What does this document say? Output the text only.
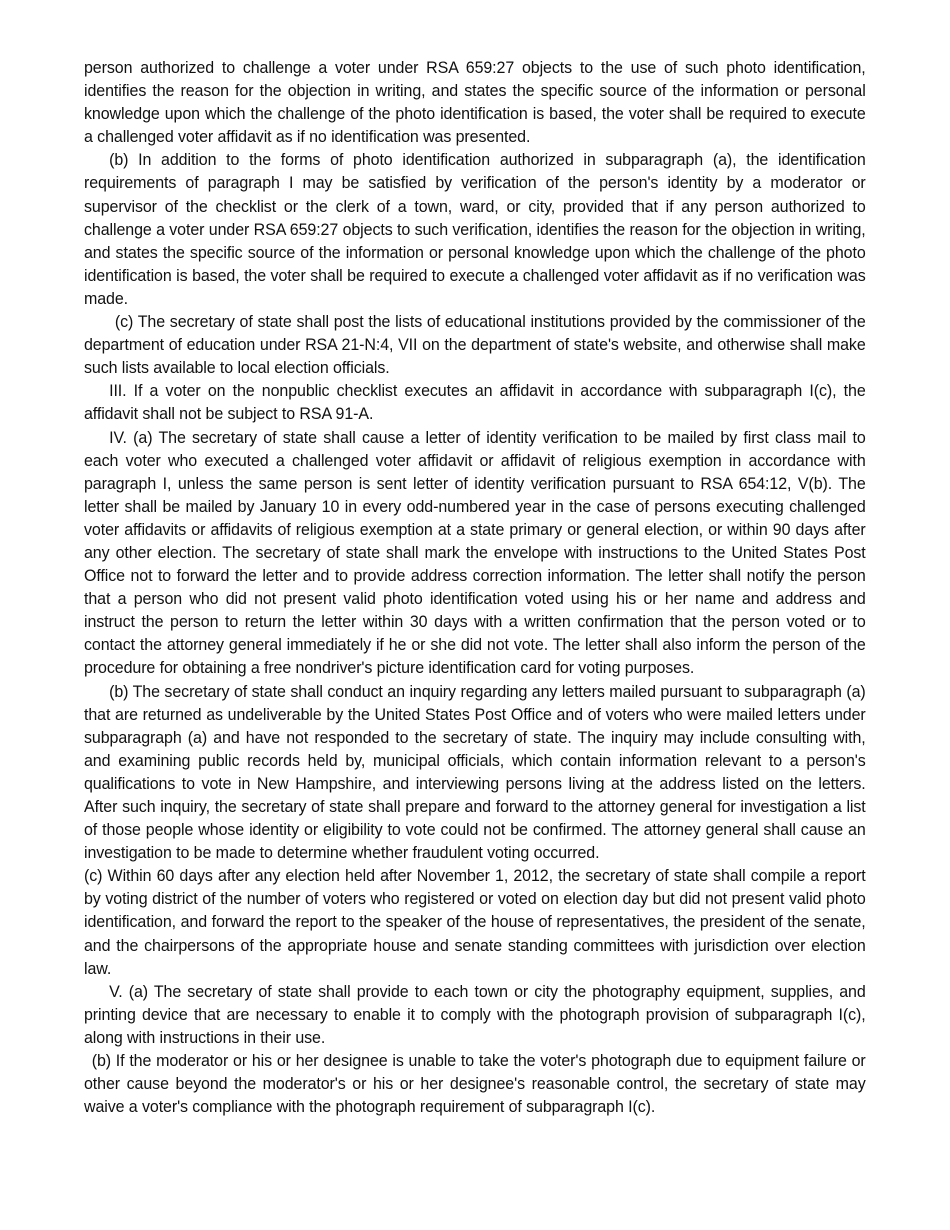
person authorized to challenge a voter under RSA 659:27 objects to the use of such photo identification, identifies the reason for the objection in writing, and states the specific source of the information or personal knowledge upon which the challenge of the photo identification is based, the voter shall be required to execute a challenged voter affidavit as if no identification was presented.

(b) In addition to the forms of photo identification authorized in subparagraph (a), the identification requirements of paragraph I may be satisfied by verification of the person's identity by a moderator or supervisor of the checklist or the clerk of a town, ward, or city, provided that if any person authorized to challenge a voter under RSA 659:27 objects to such verification, identifies the reason for the objection in writing, and states the specific source of the information or personal knowledge upon which the challenge of the photo identification is based, the voter shall be required to execute a challenged voter affidavit as if no verification was made.

(c) The secretary of state shall post the lists of educational institutions provided by the commissioner of the department of education under RSA 21-N:4, VII on the department of state's website, and otherwise shall make such lists available to local election officials.

III. If a voter on the nonpublic checklist executes an affidavit in accordance with subparagraph I(c), the affidavit shall not be subject to RSA 91-A.

IV. (a) The secretary of state shall cause a letter of identity verification to be mailed by first class mail to each voter who executed a challenged voter affidavit or affidavit of religious exemption in accordance with paragraph I, unless the same person is sent letter of identity verification pursuant to RSA 654:12, V(b). The letter shall be mailed by January 10 in every odd-numbered year in the case of persons executing challenged voter affidavits or affidavits of religious exemption at a state primary or general election, or within 90 days after any other election. The secretary of state shall mark the envelope with instructions to the United States Post Office not to forward the letter and to provide address correction information. The letter shall notify the person that a person who did not present valid photo identification voted using his or her name and address and instruct the person to return the letter within 30 days with a written confirmation that the person voted or to contact the attorney general immediately if he or she did not vote. The letter shall also inform the person of the procedure for obtaining a free nondriver's picture identification card for voting purposes.

(b) The secretary of state shall conduct an inquiry regarding any letters mailed pursuant to subparagraph (a) that are returned as undeliverable by the United States Post Office and of voters who were mailed letters under subparagraph (a) and have not responded to the secretary of state. The inquiry may include consulting with, and examining public records held by, municipal officials, which contain information relevant to a person's qualifications to vote in New Hampshire, and interviewing persons living at the address listed on the letters. After such inquiry, the secretary of state shall prepare and forward to the attorney general for investigation a list of those people whose identity or eligibility to vote could not be confirmed. The attorney general shall cause an investigation to be made to determine whether fraudulent voting occurred.

(c) Within 60 days after any election held after November 1, 2012, the secretary of state shall compile a report by voting district of the number of voters who registered or voted on election day but did not present valid photo identification, and forward the report to the speaker of the house of representatives, the president of the senate, and the chairpersons of the appropriate house and senate standing committees with jurisdiction over election law.

V. (a) The secretary of state shall provide to each town or city the photography equipment, supplies, and printing device that are necessary to enable it to comply with the photograph provision of subparagraph I(c), along with instructions in their use.

(b) If the moderator or his or her designee is unable to take the voter's photograph due to equipment failure or other cause beyond the moderator's or his or her designee's reasonable control, the secretary of state may waive a voter's compliance with the photograph requirement of subparagraph I(c).
